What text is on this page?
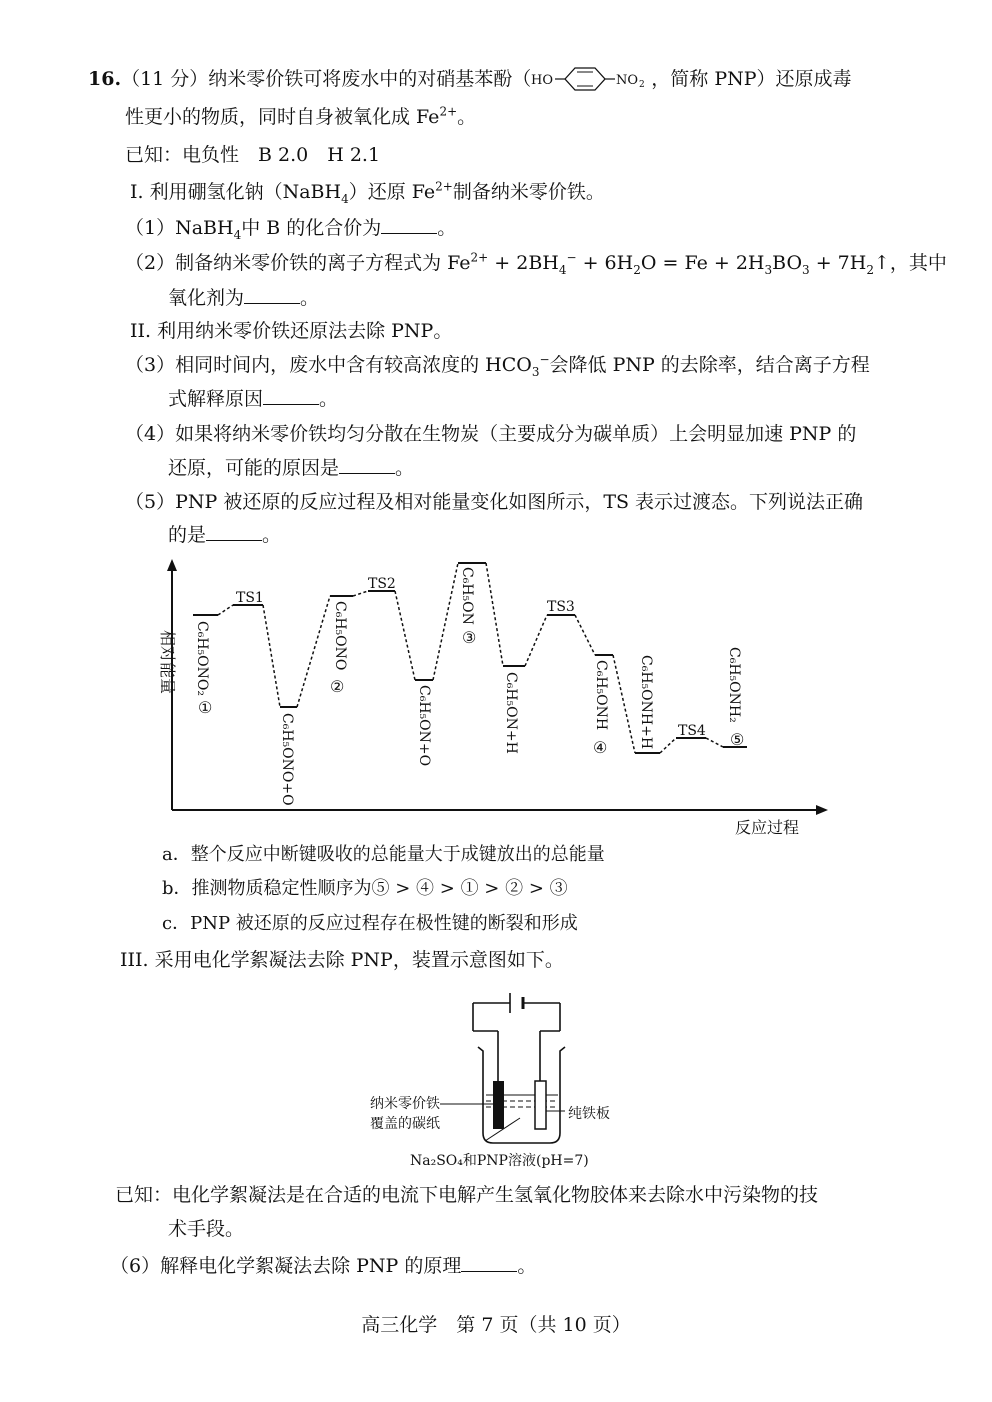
16.（11 分）纳米零价铁可将废水中的对硝基苯酚（ HO	NO 2 ，简称 PNP）还原成毒
性更小的物质，同时自身被氧化成 $Fe^{2+}$。
已知：电负性　B 2.0　H 2.1
I. 利用硼氢化钠（NaBH$_4$）还原 $Fe^{2+}$制备纳米零价铁。
（1）NaBH$_4$中 B 的化合价为	。
（2）制备纳米零价铁的离子方程式为 $Fe^{2+} + 2BH_4^- + 6H_2O = Fe + 2H_3BO_3$ + $7H_2↑$，其中
氧化剂为	。
II. 利用纳米零价铁还原法去除 PNP。
（3）相同时间内，废水中含有较高浓度的 $HCO_3^-$会降低 PNP 的去除率，结合离子方程
式解释原因	。
（4）如果将纳米零价铁均匀分散在生物炭（主要成分为碳单质）上会明显加速 PNP 的
还原，可能的原因是	。
（5）PNP 被还原的反应过程及相对能量变化如图所示，TS 表示过渡态。下列说法正确
的是	。
相对能量
反应过程
TS1
TS2
TS3
TS4
C₆H₅ONO₂
①
C₆H₅ONO+O
C₆H₅ONO
②	C₆H₅ON+O
C₆H₅ON
③
C₆H₅ON+H	C₆H₅ONH
④ C₆H₅ONH+H	C₆H₅ONH₂
⑤
a．整个反应中断键吸收的总能量大于成键放出的总能量
b．推测物质稳定性顺序为⑤ > ④ > ① > ② > ③
c．PNP 被还原的反应过程存在极性键的断裂和形成
III. 采用电化学絮凝法去除 PNP，装置示意图如下。
纳米零价铁
覆盖的碳纸
纯铁板
Na₂SO₄和PNP溶液(pH=7)
已知：电化学絮凝法是在合适的电流下电解产生氢氧化物胶体来去除水中污染物的技
术手段。
（6）解释电化学絮凝法去除 PNP 的原理	。
高三化学　第 7 页（共 10 页）
